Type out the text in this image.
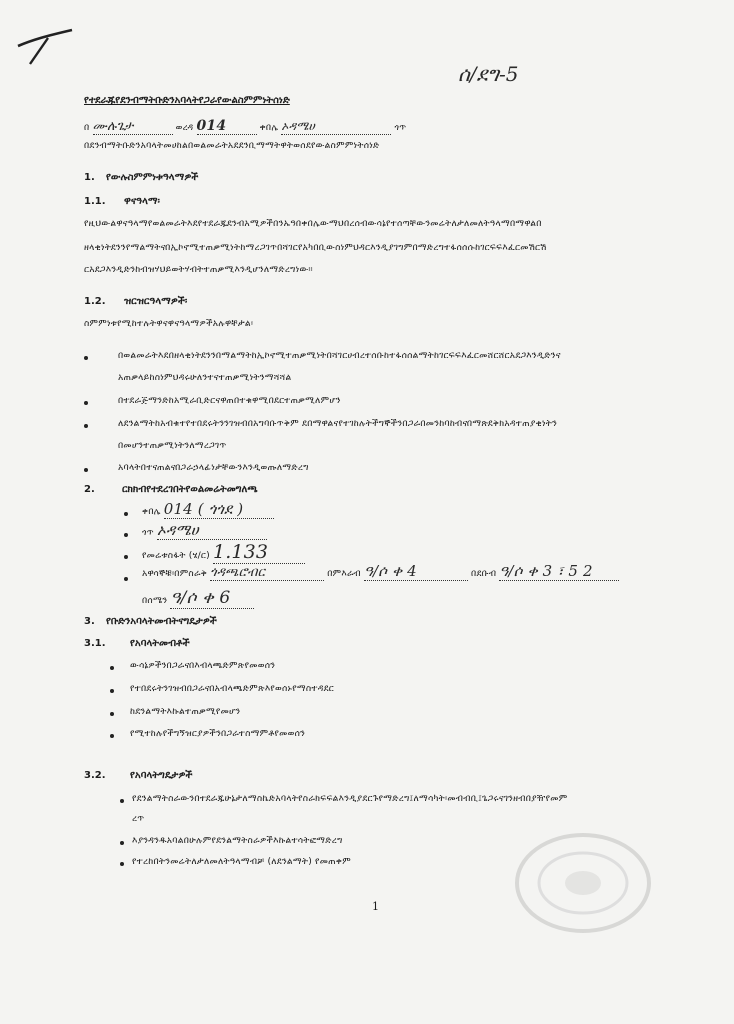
ሰ/ደግ-5
የተደራጁየደንብማትቡድንአባላትየጋራየውልስምምነትሰነድ
በ ሙሉጌታ	ወረዳ 014	ቀበሌ ኦዳሜሀ	ጎጥ
በደንብማትቡድንአባላትመሀከልበወልመራትአደደንቢማማትዋትወሰደየውልስምምነትሰነድ
1. የውሉስምምነቱዓላማዎች
1.1. ዋናዓላማ፡
የዚህውልዋናዓላማየወልመራትእደየተደራጁደንብአሚዎችበንኡዓበቀበሌውማህበረሰብውሳኔየተሰጣቸውንመሬትለታለመለትዓላማበማዋልበ
ዘላቂነትደንንየማልማትናበኢኮኖሚተጠቃሚነትከማረጋገጥበሻገርየአካበቢውስነምህዳርእንዲያገግምበማድረግተፋሰሰሱከገርፍፍእፈርመሽርሽ
ርአደጋእንዲድንከብዝሃህይወትሃብትተጠቃሚእንዲሆንለማድረግነው።
1.2. ዝርዝርዓላማዎች፡
ስምምነቱየሚከተሉትዋናዋናዓላማዎችአሉዋቸታል፡
በወልመራትእደበዘላቂነትደንንበማልማትከኢኮኖሚተጠቃሚነትበሻገርሀብረተሰቡከተፋሰሰልማትከገርፍፍእፈርመሸርሸርአደጋእንዲድንና
አጠቃላይከስነምህዳሩሁለንተናተጠቃሚነትንማሻሻል
በተደራጅማንድከአሚራቢድርናዋጠበተቁዋሚበደርተጠቃሚለምሆን
ለደንልማትከአብቁተየተበደሩትንንገዝብበአግባቡጥቅም ደበማዋልናየተገከሉትችግኞችንበጋራበመንከባከብናበማጽደቅክአዳተጠያቂነትን
በመሆንተጠቃሚነትንለማረጋገጥ
አባላትበተናጠልናበጋራኃላፊነታቸውንእንዲወጡለማድረግ
2.	ርክክብየተደረገበትየወልመሬትመግለጫ
ቀበሌ 014 ( ጎጎደ )
ጎጥ ኦዳሜሀ
የመሬቱስፋት (ሄ/ር) 1.133
አዋሳኞቹ፡በምስራቅ ጎዳጫሮብር	በምእራብ ዓ/ሶ ቀ 4	በደቡብ ዓ/ሶ ቀ 3 ፣ 5 2
በሰሜን ዓ/ሶ ቀ 6
3. የቡድንአባላትመብትናግዴታዎች
3.1. የአባላትመብቶች
ውሳኔዎችንበጋራናበእብላጫድምጽየመወሰን
የተበደሩትንገዝብበጋራናበአብላጫድምጽእየወሰኑየማስተዳደር
ከደንልማትእኩልተጠቃሚየመሆን
የሚተከሉየችግኝዝርያዎችንበጋራተስማምቶየመወሰን
3.2. የአባላትግዴታዎች
የደንልማትስራውንበተደራጁሁኔታለማስኬድአባላትየስራክፍፍልእንዲያደርጉየማድረግ፤ለማሳካት፡መብብቢ፤ጌጋሩናገንዘብበያዥየመም
ረጥ
እያንዳንዱአባልበሁሉምየደንልማትስራዎችእኩልተሳትፎማድረግ
የተረከበትንመሬትለታለመለትዓላማብቻ (ለደንልማት) የመጠቀም
1
